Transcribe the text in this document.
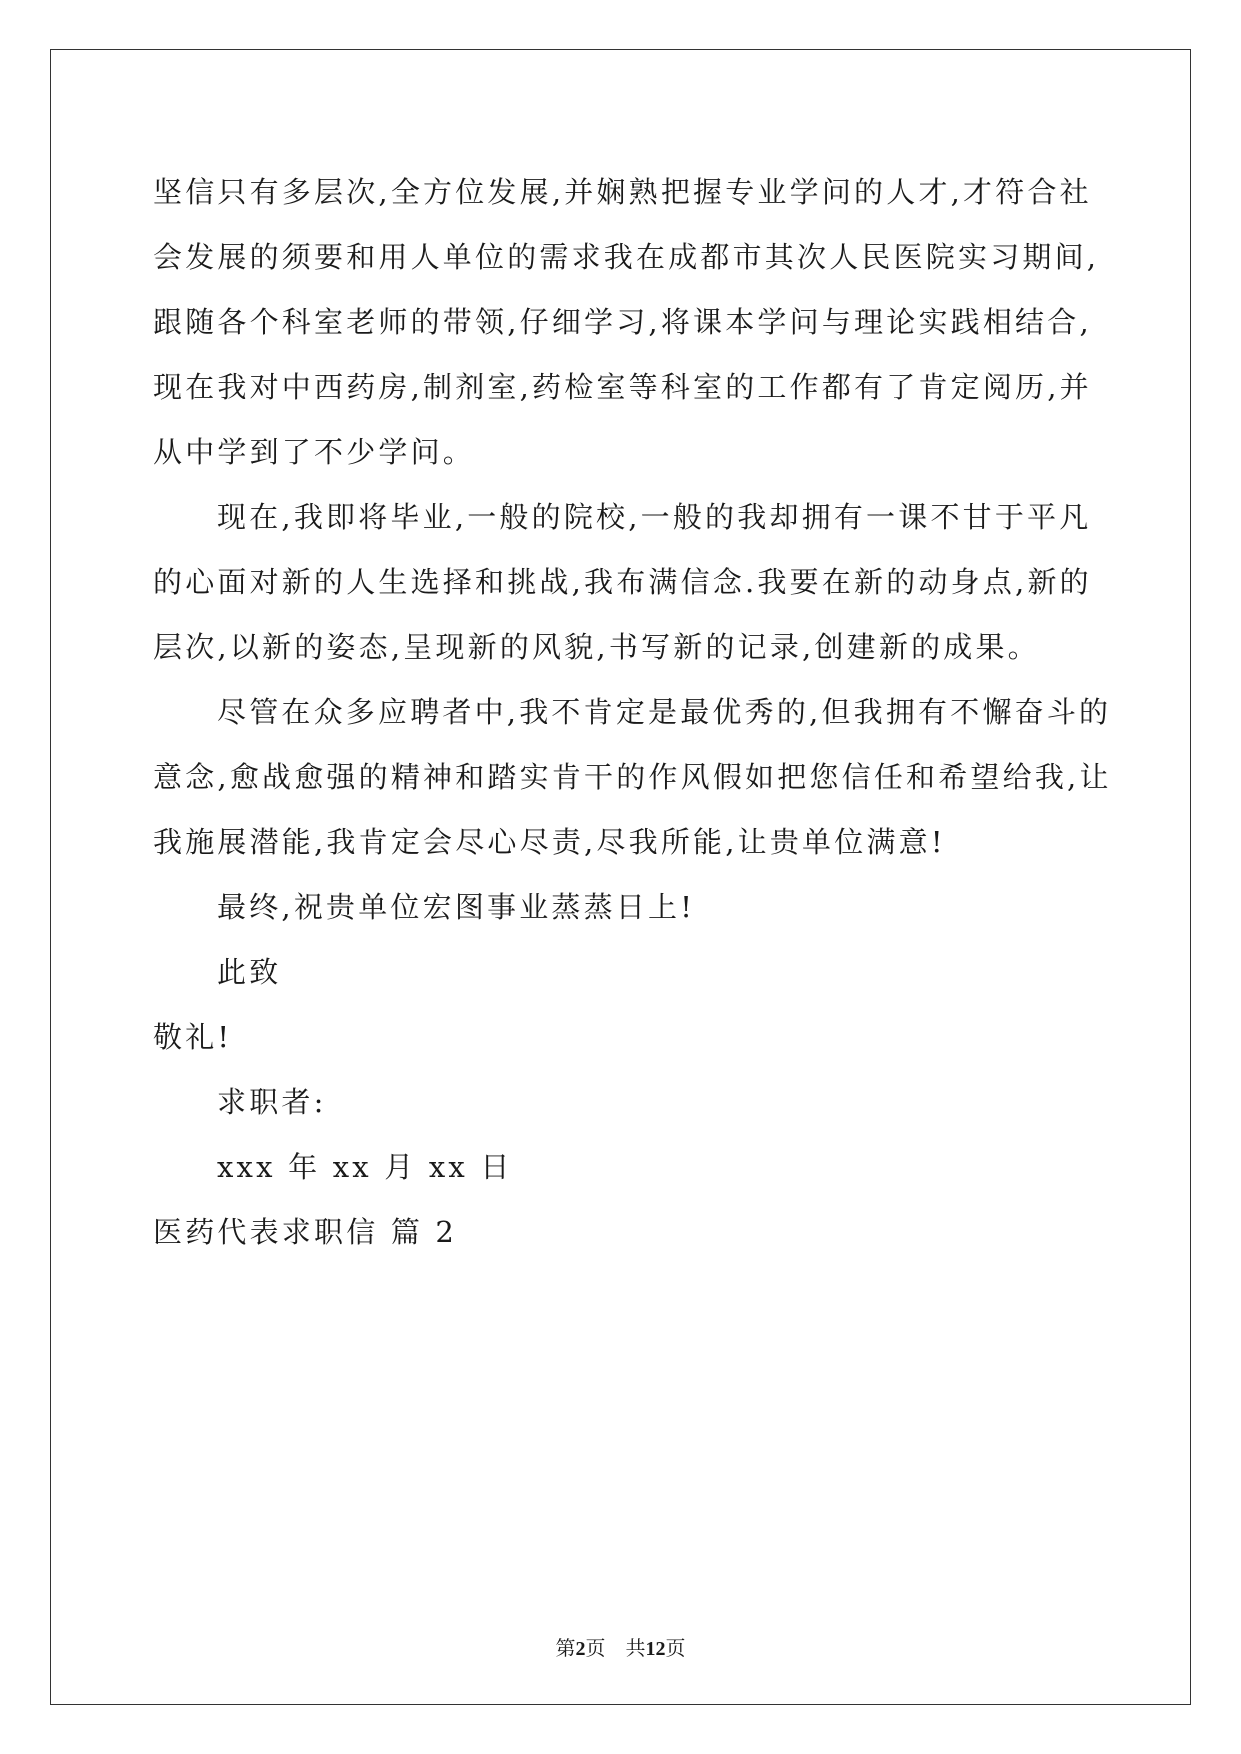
坚信只有多层次,全方位发展,并娴熟把握专业学问的人才,才符合社
会发展的须要和用人单位的需求我在成都市其次人民医院实习期间,
跟随各个科室老师的带领,仔细学习,将课本学问与理论实践相结合,
现在我对中西药房,制剂室,药检室等科室的工作都有了肯定阅历,并
从中学到了不少学问。
现在,我即将毕业,一般的院校,一般的我却拥有一课不甘于平凡
的心面对新的人生选择和挑战,我布满信念.我要在新的动身点,新的
层次,以新的姿态,呈现新的风貌,书写新的记录,创建新的成果。
尽管在众多应聘者中,我不肯定是最优秀的,但我拥有不懈奋斗的
意念,愈战愈强的精神和踏实肯干的作风假如把您信任和希望给我,让
我施展潜能,我肯定会尽心尽责,尽我所能,让贵单位满意!
最终,祝贵单位宏图事业蒸蒸日上!
此致
敬礼!
求职者:
xxx 年 xx 月 xx 日
医药代表求职信 篇 2
第2页 共12页
